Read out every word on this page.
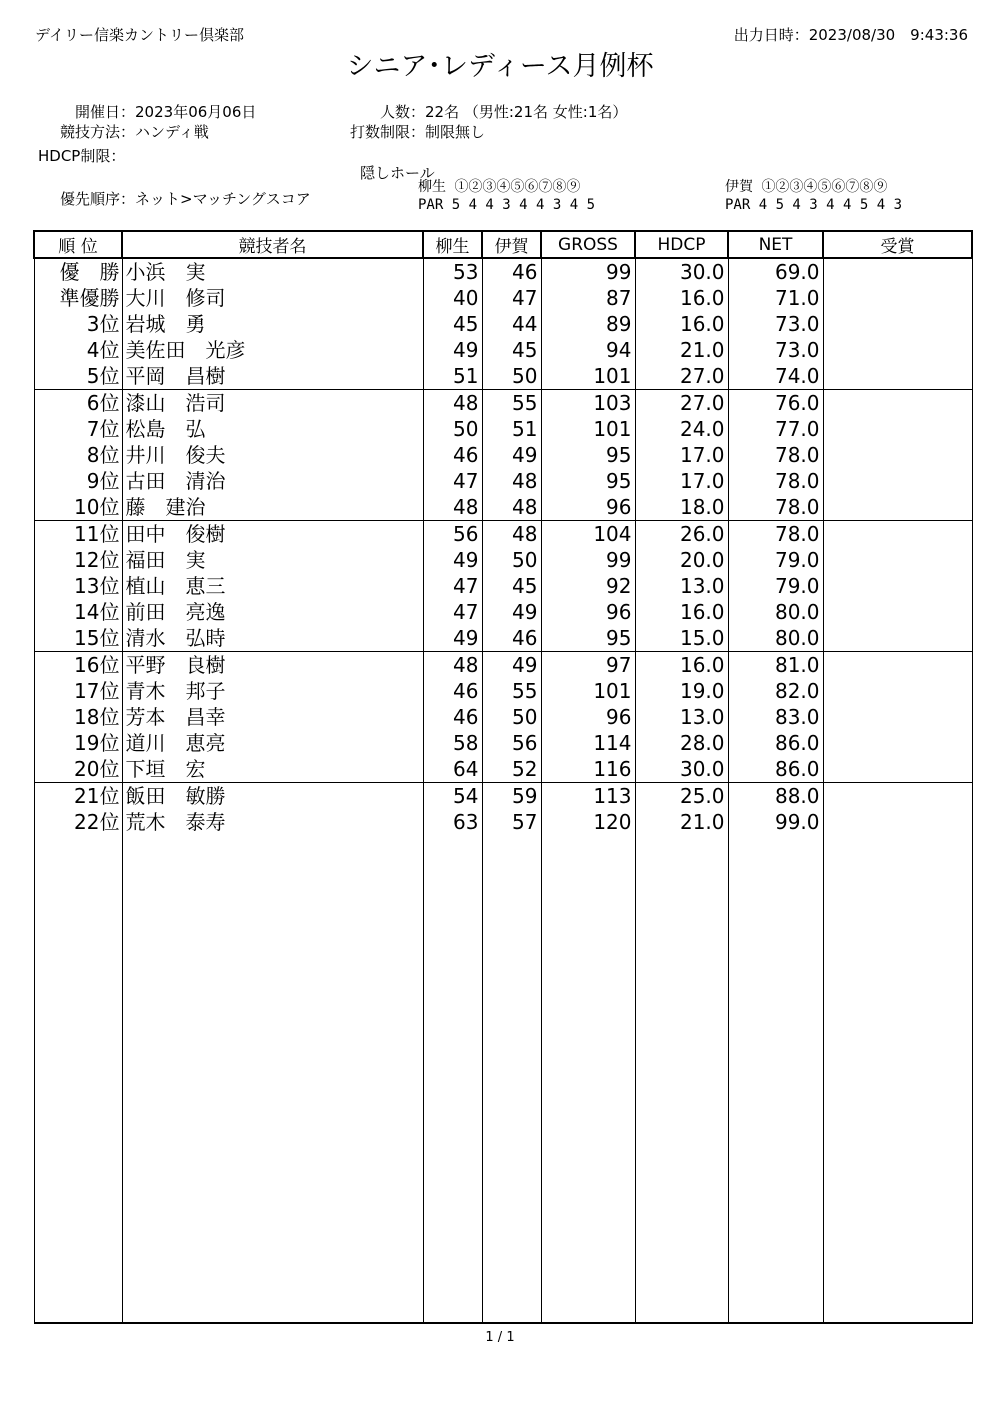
デイリー信楽カントリー倶楽部	出力日時：2023/08/30　9:43:36
シニア･レディース月例杯
開催日：2023年06月06日
競技方法：ハンディ戦
HDCP制限：
人数：22名 （男性:21名 女性:1名）
打数制限：制限無し
隠しホール
優先順序：ネット>マッチングスコア
柳生 ①②③④⑤⑥⑦⑧⑨
PAR 5 4 4 3 4 4 3 4 5
伊賀 ①②③④⑤⑥⑦⑧⑨
PAR 4 5 4 3 4 4 5 4 3
順 位	競技者名	柳生	伊賀	GROSS	HDCP	NET	受賞
優　勝	小浜　実	53	46	99	30.0	69.0	
準優勝	大川　修司	40	47	87	16.0	71.0	
3位	岩城　勇	45	44	89	16.0	73.0	
4位	美佐田　光彦	49	45	94	21.0	73.0	
5位	平岡　昌樹	51	50	101	27.0	74.0	
6位	漆山　浩司	48	55	103	27.0	76.0	
7位	松島　弘	50	51	101	24.0	77.0	
8位	井川　俊夫	46	49	95	17.0	78.0	
9位	古田　清治	47	48	95	17.0	78.0	
10位	藤　建治	48	48	96	18.0	78.0	
11位	田中　俊樹	56	48	104	26.0	78.0	
12位	福田　実	49	50	99	20.0	79.0	
13位	植山　恵三	47	45	92	13.0	79.0	
14位	前田　亮逸	47	49	96	16.0	80.0	
15位	清水　弘時	49	46	95	15.0	80.0	
16位	平野　良樹	48	49	97	16.0	81.0	
17位	青木　邦子	46	55	101	19.0	82.0	
18位	芳本　昌幸	46	50	96	13.0	83.0	
19位	道川　恵亮	58	56	114	28.0	86.0	
20位	下垣　宏	64	52	116	30.0	86.0	
21位	飯田　敏勝	54	59	113	25.0	88.0	
22位	荒木　泰寿	63	57	120	21.0	99.0	

1 / 1
